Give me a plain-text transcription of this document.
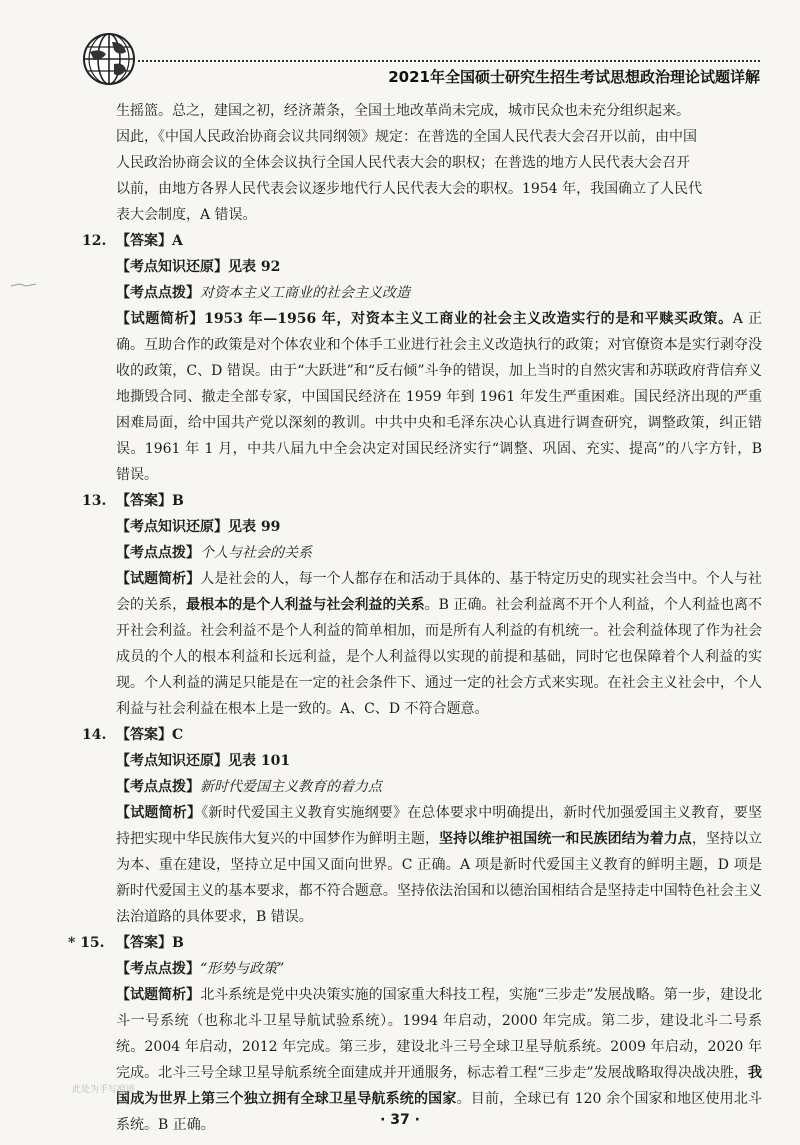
2021年全国硕士研究生招生考试思想政治理论试题详解

生摇篮。总之，建国之初，经济萧条，全国土地改革尚未完成，城市民众也未充分组织起来。

因此，《中国人民政治协商会议共同纲领》规定：在普选的全国人民代表大会召开以前，由中国

人民政治协商会议的全体会议执行全国人民代表大会的职权；在普选的地方人民代表大会召开

以前，由地方各界人民代表会议逐步地代行人民代表大会的职权。1954 年，我国确立了人民代

表大会制度，A 错误。

12. 【答案】 A

【考点知识还原】见表 92

【考点点拨】对资本主义工商业的社会主义改造

【试题简析】1953 年—1956 年，对资本主义工商业的社会主义改造实行的是和平赎买政策。A 正确。互助合作的政策是对个体农业和个体手工业进行社会主义改造执行的政策；对官僚资本是实行剥夺没收的政策，C、D 错误。由于“大跃进”和“反右倾”斗争的错误，加上当时的自然灾害和苏联政府背信弃义地撕毁合同、撤走全部专家，中国国民经济在 1959 年到 1961 年发生严重困难。国民经济出现的严重困难局面，给中国共产党以深刻的教训。中共中央和毛泽东决心认真进行调查研究，调整政策，纠正错误。1961 年 1 月，中共八届九中全会决定对国民经济实行“调整、巩固、充实、提高”的八字方针，B 错误。

13. 【答案】 B

【考点知识还原】见表 99

【考点点拨】个人与社会的关系

【试题简析】人是社会的人，每一个人都存在和活动于具体的、基于特定历史的现实社会当中。个人与社会的关系，最根本的是个人利益与社会利益的关系。B 正确。社会利益离不开个人利益，个人利益也离不开社会利益。社会利益不是个人利益的简单相加，而是所有人利益的有机统一。社会利益体现了作为社会成员的个人的根本利益和长远利益，是个人利益得以实现的前提和基础，同时它也保障着个人利益的实现。个人利益的满足只能是在一定的社会条件下、通过一定的社会方式来实现。在社会主义社会中，个人利益与社会利益在根本上是一致的。A、C、D 不符合题意。

14. 【答案】 C

【考点知识还原】见表 101

【考点点拨】新时代爱国主义教育的着力点

【试题简析】《新时代爱国主义教育实施纲要》在总体要求中明确提出，新时代加强爱国主义教育，要坚持把实现中华民族伟大复兴的中国梦作为鲜明主题，坚持以维护祖国统一和民族团结为着力点，坚持以立为本、重在建设，坚持立足中国又面向世界。C 正确。A 项是新时代爱国主义教育的鲜明主题，D 项是新时代爱国主义的基本要求，都不符合题意。坚持依法治国和以德治国相结合是坚持走中国特色社会主义法治道路的具体要求，B 错误。

* 15. 【答案】 B

【考点点拨】“形势与政策”

【试题简析】北斗系统是党中央决策实施的国家重大科技工程，实施“三步走”发展战略。第一步，建设北斗一号系统（也称北斗卫星导航试验系统）。1994 年启动，2000 年完成。第二步，建设北斗二号系统。2004 年启动，2012 年完成。第三步，建设北斗三号全球卫星导航系统。2009 年启动，2020 年完成。北斗三号全球卫星导航系统全面建成并开通服务，标志着工程“三步走”发展战略取得决战决胜，我国成为世界上第三个独立拥有全球卫星导航系统的国家。目前，全球已有 120 余个国家和地区使用北斗系统。B 正确。

此处为手写痕迹
· 37 ·
